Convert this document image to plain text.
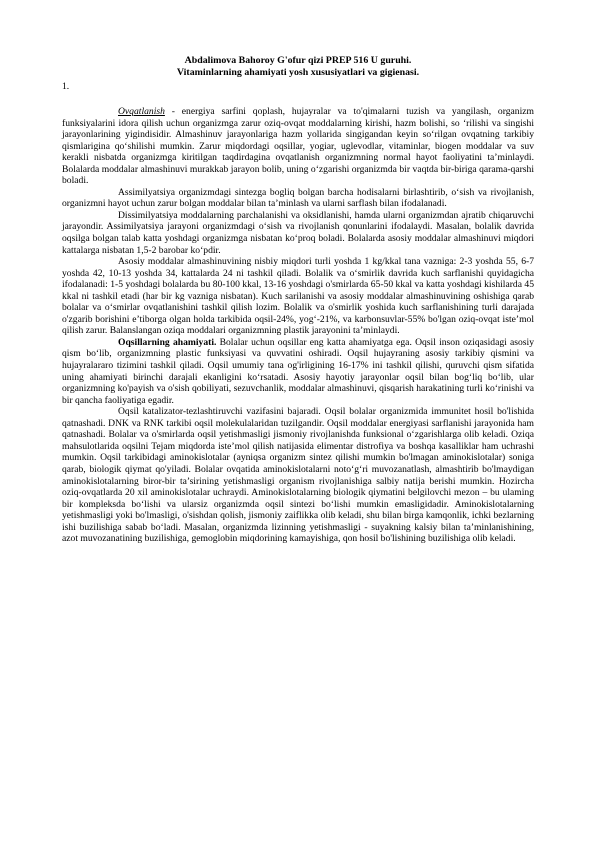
Abdalimova Bahoroy G'ofur qizi PREP 516 U guruhi.
Vitaminlarning ahamiyati yosh xususiyatlari va gigienasi.
1.

Ovqatlanish - energiya sarfini qoplash, hujayralar va to'qimalarni tuzish va yangilash, organizm funksiyalarini idora qilish uchun organizmga zarur oziq-ovqat moddalarning kirishi, hazm bolishi, so ‘rilishi va singishi jarayonlarining yigindisidir. Almashinuv jarayonlariga hazm yollarida singigandan keyin so‘rilgan ovqatning tarkibiy qismlarigina qo‘shilishi mumkin. Zarur miqdordagi oqsillar, yogiar, uglevodlar, vitaminlar, biogen moddalar va suv kerakli nisbatda organizmga kiritilgan taqdirdagina ovqatlanish organizmning normal hayot faoliyatini ta’minlaydi. Bolalarda moddalar almashinuvi murakkab jarayon bolib, uning o‘zgarishi organizmda bir vaqtda bir-biriga qarama-qarshi boladi.

Assimilyatsiya organizmdagi sintezga bogliq bolgan barcha hodisalarni birlashtirib, o‘sish va rivojlanish, organizmni hayot uchun zarur bolgan moddalar bilan ta’minlash va ularni sarflash bilan ifodalanadi.

Dissimilyatsiya moddalarning parchalanishi va oksidlanishi, hamda ularni organizmdan ajratib chiqaruvchi jarayondir. Assimilyatsiya jarayoni organizmdagi o‘sish va rivojlanish qonunlarini ifodalaydi. Masalan, bolalik davrida oqsilga bolgan talab katta yoshdagi organizmga nisbatan ko‘proq boladi. Bolalarda asosiy moddalar almashinuvi miqdori kattalarga nisbatan 1,5-2 barobar ko‘pdir.

Asosiy moddalar almashinuvining nisbiy miqdori turli yoshda 1 kg/kkal tana vazniga: 2-3 yoshda 55, 6-7 yoshda 42, 10-13 yoshda 34, kattalarda 24 ni tashkil qiladi. Bolalik va o‘smirlik davrida kuch sarflanishi quyidagicha ifodalanadi: 1-5 yoshdagi bolalarda bu 80-100 kkal, 13-16 yoshdagi o'smirlarda 65-50 kkal va katta yoshdagi kishilarda 45 kkal ni tashkil etadi (har bir kg vazniga nisbatan). Kuch sarilanishi va asosiy moddalar almashinuvining oshishiga qarab bolalar va o‘smirlar ovqatlanishini tashkil qilish lozim. Bolalik va o'smirlik yoshida kuch sarflanishining turli darajada o'zgarib borishini e’tiborga olgan holda tarkibida oqsil-24%, yog‘-21%, va karbonsuvlar-55% bo'lgan oziq-ovqat iste’mol qilish zarur. Balanslangan oziqa moddalari organizmning plastik jarayonini ta’minlaydi.

Oqsillarning ahamiyati. Bolalar uchun oqsillar eng katta ahamiyatga ega. Oqsil inson oziqasidagi asosiy qism bo‘lib, organizmning plastic funksiyasi va quvvatini oshiradi. Oqsil hujayraning asosiy tarkibiy qismini va hujayralararo tizimini tashkil qiladi. Oqsil umumiy tana og'irligining 16-17% ini tashkil qilishi, quruvchi qism sifatida uning ahamiyati birinchi darajali ekanligini ko‘rsatadi. Asosiy hayotiy jarayonlar oqsil bilan bog‘liq bo‘lib, ular organizmning ko'payish va o'sish qobiliyati, sezuvchanlik, moddalar almashinuvi, qisqarish harakatining turli ko‘rinishi va bir qancha faoliyatiga egadir.

Oqsil katalizator-tezlashtiruvchi vazifasini bajaradi. Oqsil bolalar organizmida immunitet hosil bo'lishida qatnashadi. DNK va RNK tarkibi oqsil molekulalaridan tuzilgandir. Oqsil moddalar energiyasi sarflanishi jarayonida ham qatnashadi. Bolalar va o'smirlarda oqsil yetishmasligi jismoniy rivojlanishda funksional o‘zgarishlarga olib keladi. Oziqa mahsulotlarida oqsilni Tejam miqdorda iste’mol qilish natijasida elimentar distrofiya va boshqa kasalliklar ham uchrashi mumkin. Oqsil tarkibidagi aminokislotalar (ayniqsa organizm sintez qilishi mumkin bo'lmagan aminokislotalar) soniga qarab, biologik qiymat qo'yiladi. Bolalar ovqatida aminokislotalarni noto‘g‘ri muvozanatlash, almashtirib bo'lmaydigan aminokislotalarning biror-bir ta’sirining yetishmasligi organism rivojlanishiga salbiy natija berishi mumkin. Hozircha oziq-ovqatlarda 20 xil aminokislotalar uchraydi. Aminokislotalarning biologik qiymatini belgilovchi mezon – bu ulaming bir kompleksda bo‘lishi va ularsiz organizmda oqsil sintezi bo‘lishi mumkin emasligidadir. Aminokislotalarning yetishmasligi yoki bo'lmasligi, o'sishdan qolish, jismoniy zaiflikka olib keladi, shu bilan birga kamqonlik, ichki bezlarning ishi buzilishiga sabab bo‘ladi. Masalan, organizmda lizinning yetishmasligi - suyakning kalsiy bilan ta’minlanishining, azot muvozanatining buzilishiga, gemoglobin miqdorining kamayishiga, qon hosil bo'lishining buzilishiga olib keladi.
